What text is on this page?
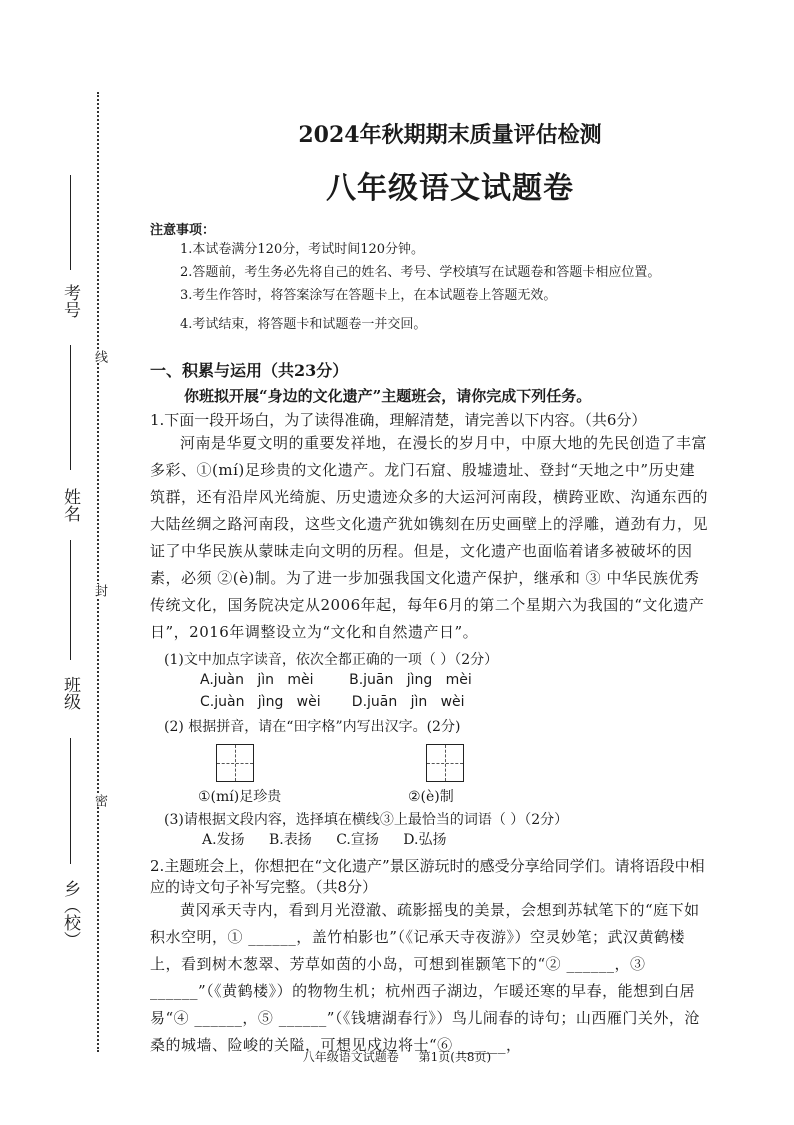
考号
姓名
班级
乡（校）
线
封
密
2024年秋期期末质量评估检测
八年级语文试题卷
注意事项：
1.本试卷满分120分，考试时间120分钟。
2.答题前，考生务必先将自己的姓名、考号、学校填写在试题卷和答题卡相应位置。
3.考生作答时，将答案涂写在答题卡上，在本试题卷上答题无效。
4.考试结束，将答题卡和试题卷一并交回。
一、积累与运用（共23分）
你班拟开展“身边的文化遗产”主题班会，请你完成下列任务。
1.下面一段开场白，为了读得准确，理解清楚，请完善以下内容。（共6分）
河南是华夏文明的重要发祥地，在漫长的岁月中，中原大地的先民创造了丰富多彩、①(mí)足珍贵的文化遗产。龙门石窟、殷墟遗址、登封“天地之中”历史建筑群，还有沿岸风光绮旎、历史遗迹众多的大运河河南段，横跨亚欧、沟通东西的大陆丝绸之路河南段，这些文化遗产犹如镌刻在历史画壁上的浮雕，遒劲有力，见证了中华民族从蒙昧走向文明的历程。但是，文化遗产也面临着诸多被破坏的因素，必须 ②(è)制。为了进一步加强我国文化遗产保护，继承和 ③ 中华民族优秀传统文化，国务院决定从2006年起，每年6月的第二个星期六为我国的“文化遗产日”，2016年调整设立为“文化和自然遗产日”。
(1)文中加点字读音，依次全都正确的一项（ ）（2分）
A.juàn   jìn   mèi        B.juān   jìng   mèi
C.juàn   jìng   wèi       D.juān   jìn   wèi
(2) 根据拼音，请在“田字格”内写出汉字。(2分)
①(mí)足珍贵	②(è)制
(3)请根据文段内容，选择填在横线③上最恰当的词语（ ）（2分）
A.发扬 B.表扬 C.宣扬 D.弘扬
2.主题班会上，你想把在“文化遗产”景区游玩时的感受分享给同学们。请将语段中相应的诗文句子补写完整。（共8分）
黄冈承天寺内，看到月光澄澈、疏影摇曳的美景，会想到苏轼笔下的“庭下如积水空明，① ______，盖竹柏影也”（《记承天寺夜游》）空灵妙笔；武汉黄鹤楼上，看到树木葱翠、芳草如茵的小岛，可想到崔颢笔下的“② ______，③ ______”（《黄鹤楼》）的物物生机；杭州西子湖边，乍暖还寒的早春，能想到白居易“④ ______，⑤ ______”（《钱塘湖春行》）鸟儿闹春的诗句；山西雁门关外，沧桑的城墙、险峻的关隘，可想见戍边将士“⑥ ______，
八年级语文试题卷 第1页(共8页)
